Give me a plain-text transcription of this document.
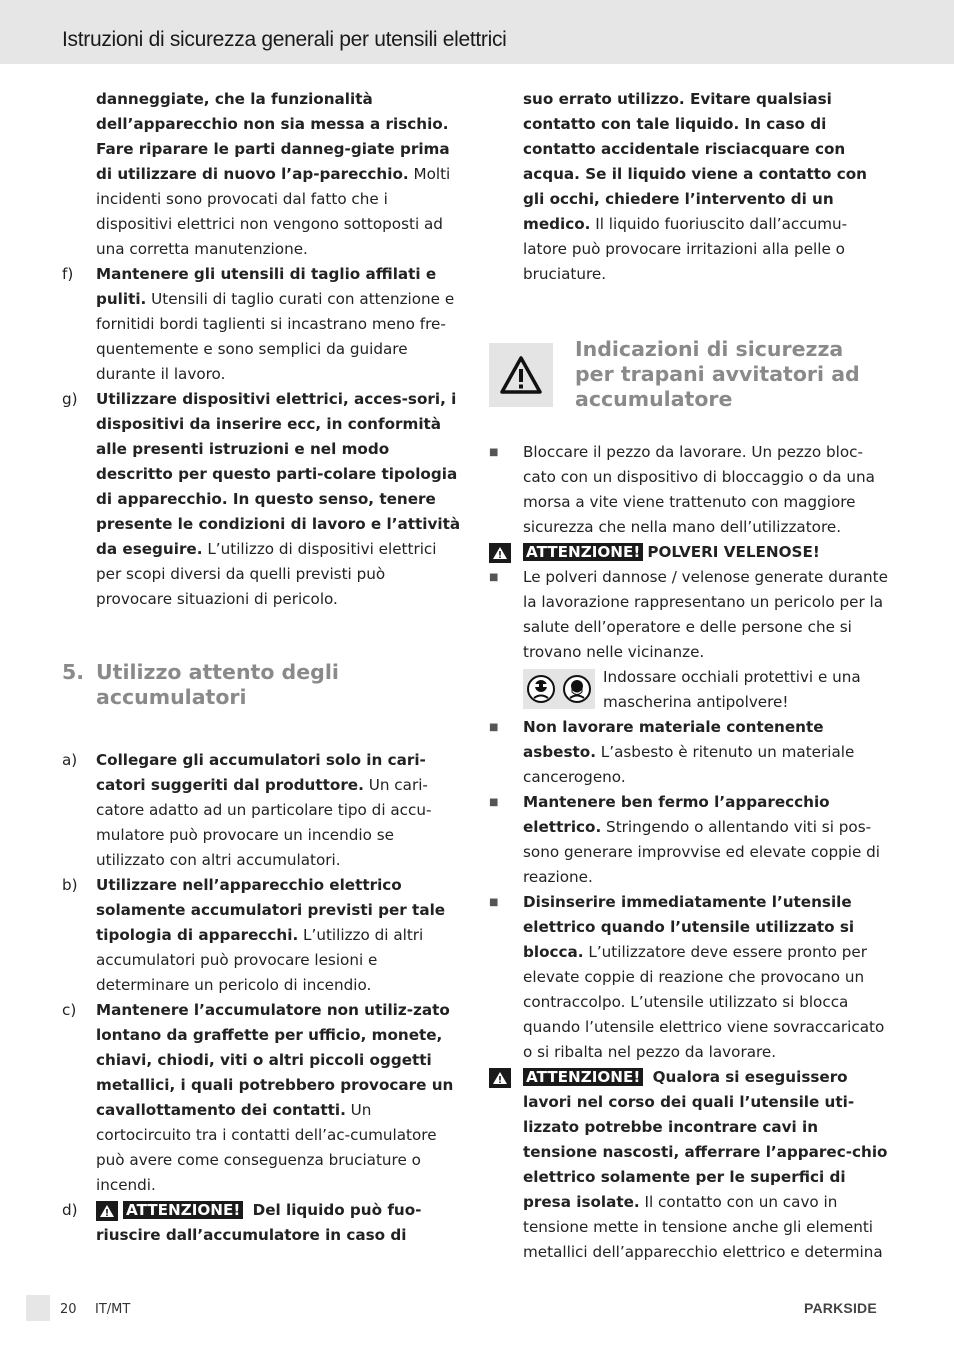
Istruzioni di sicurezza generali per utensili elettrici

danneggiate, che la funzionalità dell’apparecchio non sia messa a rischio. Fare riparare le parti danneg-giate prima di utilizzare di nuovo l’ap-parecchio. Molti incidenti sono provocati dal fatto che i dispositivi elettrici non vengono sottoposti ad una corretta manutenzione.

f)	Mantenere gli utensili di taglio affilati e puliti. Utensili di taglio curati con attenzione e fornitidi bordi taglienti si incastrano meno fre-quentemente e sono semplici da guidare durante il lavoro.
g)	Utilizzare dispositivi elettrici, acces-sori, i dispositivi da inserire ecc, in conformità alle presenti istruzioni e nel modo descritto per questo parti-colare tipologia di apparecchio. In questo senso, tenere presente le condizioni di lavoro e l’attività da eseguire. L’utilizzo di dispositivi elettrici per scopi diversi da quelli previsti può provocare situazioni di pericolo.
5. Utilizzo attento degli accumulatori
a)	Collegare gli accumulatori solo in cari-catori suggeriti dal produttore. Un cari-catore adatto ad un particolare tipo di accu-mulatore può provocare un incendio se utilizzato con altri accumulatori.
b)	Utilizzare nell’apparecchio elettrico solamente accumulatori previsti per tale tipologia di apparecchi. L’utilizzo di altri accumulatori può provocare lesioni e determinare un pericolo di incendio.
c)	Mantenere l’accumulatore non utiliz-zato lontano da graffette per ufficio, monete, chiavi, chiodi, viti o altri piccoli oggetti metallici, i quali potrebbero provocare un cavallottamento dei contatti. Un cortocircuito tra i contatti dell’ac-cumulatore può avere come conseguenza bruciature o incendi.
d)	ATTENZIONE! Del liquido può fuo-riuscire dall’accumulatore in caso di

suo errato utilizzo. Evitare qualsiasi contatto con tale liquido. In caso di contatto accidentale risciacquare con acqua. Se il liquido viene a contatto con gli occhi, chiedere l’intervento di un medico. Il liquido fuoriuscito dall’accumu-latore può provocare irritazioni alla pelle o bruciature.

Indicazioni di sicurezza per trapani avvitatori ad accumulatore
■	Bloccare il pezzo da lavorare. Un pezzo bloc-cato con un dispositivo di bloccaggio o da una morsa a vite viene trattenuto con maggiore sicurezza che nella mano dell’utilizzatore.
ATTENZIONE! POLVERI VELENOSE!
■	Le polveri dannose / velenose generate durante la lavorazione rappresentano un pericolo per la salute dell’operatore e delle persone che si trovano nelle vicinanze.
Indossare occhiali protettivi e una mascherina antipolvere!
■	Non lavorare materiale contenente asbesto. L’asbesto è ritenuto un materiale cancerogeno.
■	Mantenere ben fermo l’apparecchio elettrico. Stringendo o allentando viti si pos-sono generare improvvise ed elevate coppie di reazione.
■	Disinserire immediatamente l’utensile elettrico quando l’utensile utilizzato si blocca. L’utilizzatore deve essere pronto per elevate coppie di reazione che provocano un contraccolpo. L’utensile utilizzato si blocca quando l’utensile elettrico viene sovraccaricato o si ribalta nel pezzo da lavorare.
ATTENZIONE! Qualora si eseguissero lavori nel corso dei quali l’utensile uti-lizzato potrebbe incontrare cavi in tensione nascosti, afferrare l’apparec-chio elettrico solamente per le superfici di presa isolate. Il contatto con un cavo in tensione mette in tensione anche gli elementi metallici dell’apparecchio elettrico e determina
20 IT/MT	PARKSIDE
